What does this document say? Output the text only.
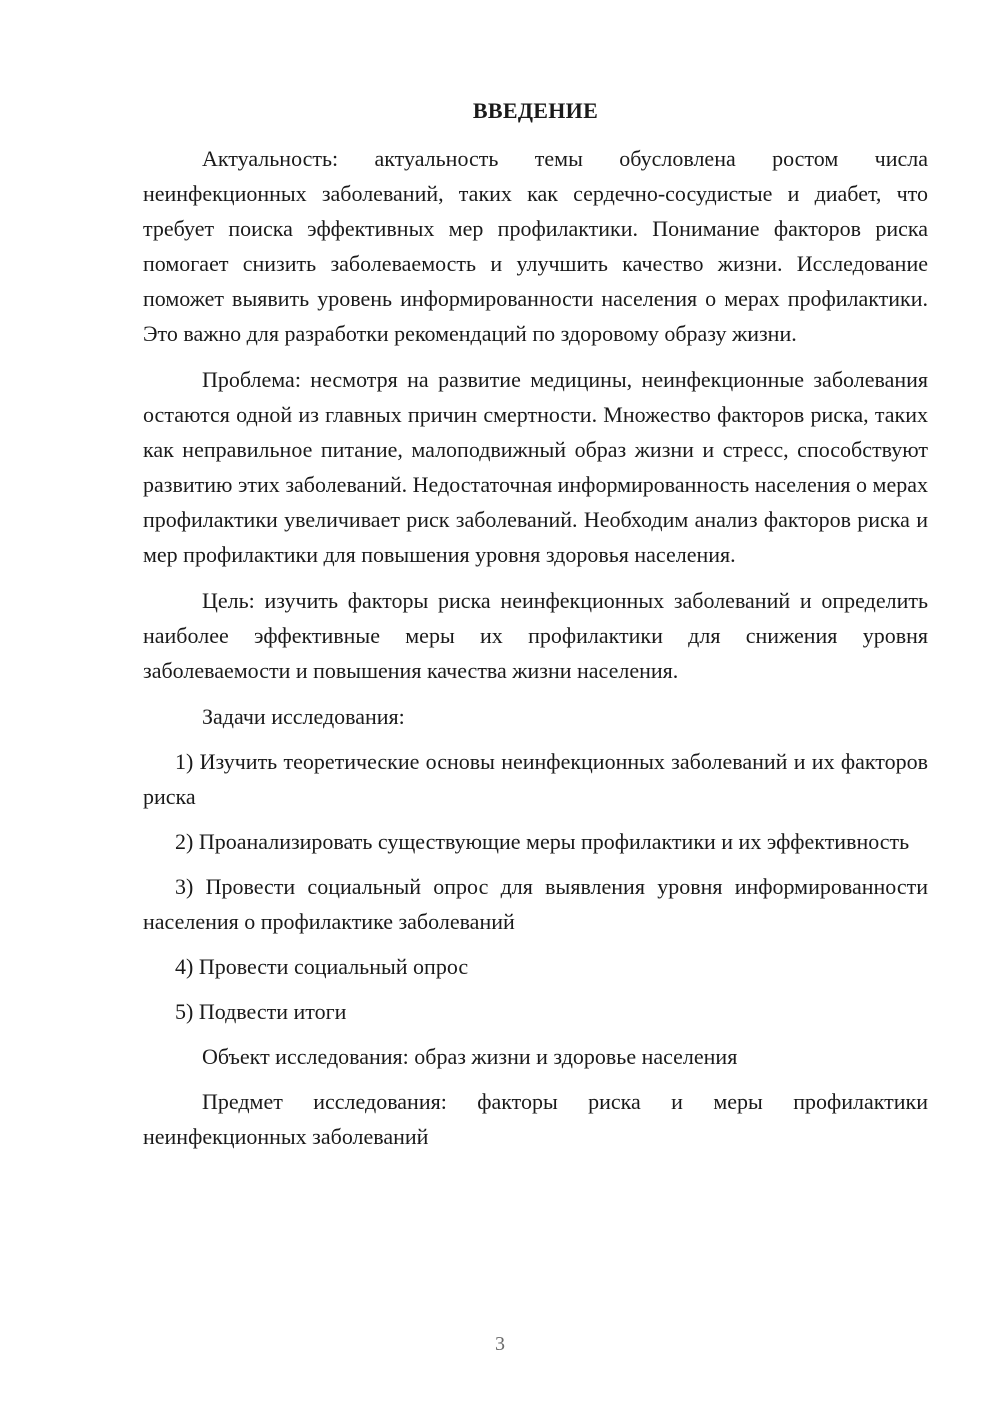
ВВЕДЕНИЕ

Актуальность: актуальность темы обусловлена ростом числа неинфекционных заболеваний, таких как сердечно-сосудистые и диабет, что требует поиска эффективных мер профилактики. Понимание факторов риска помогает снизить заболеваемость и улучшить качество жизни. Исследование поможет выявить уровень информированности населения о мерах профилактики. Это важно для разработки рекомендаций по здоровому образу жизни.

Проблема: несмотря на развитие медицины, неинфекционные заболевания остаются одной из главных причин смертности. Множество факторов риска, таких как неправильное питание, малоподвижный образ жизни и стресс, способствуют развитию этих заболеваний. Недостаточная информированность населения о мерах профилактики увеличивает риск заболеваний. Необходим анализ факторов риска и мер профилактики для повышения уровня здоровья населения.

Цель: изучить факторы риска неинфекционных заболеваний и определить наиболее эффективные меры их профилактики для снижения уровня заболеваемости и повышения качества жизни населения.

Задачи исследования:

1) Изучить теоретические основы неинфекционных заболеваний и их факторов риска

2) Проанализировать существующие меры профилактики и их эффективность

3) Провести социальный опрос для выявления уровня информированности населения о профилактике заболеваний

4) Провести социальный опрос

5) Подвести итоги

Объект исследования: образ жизни и здоровье населения

Предмет исследования: факторы риска и меры профилактики неинфекционных заболеваний

3
